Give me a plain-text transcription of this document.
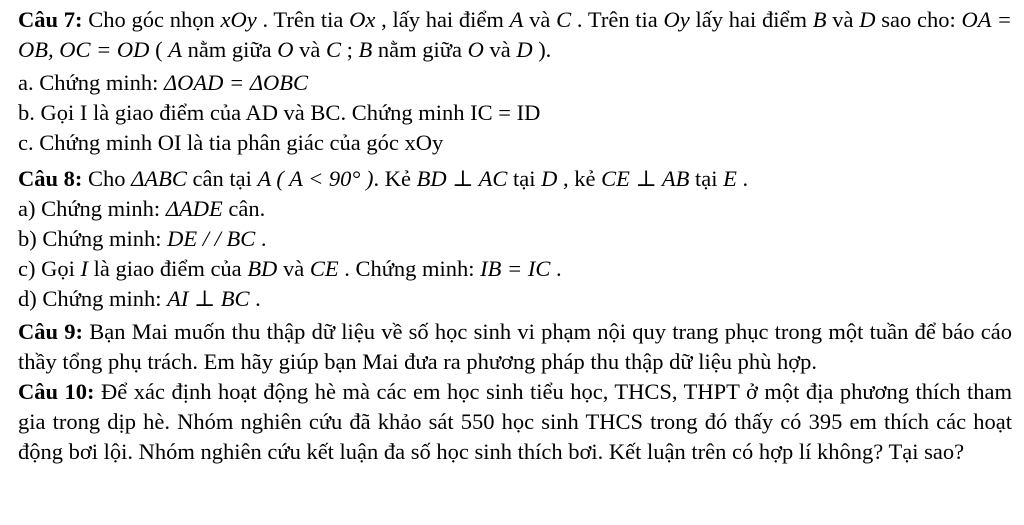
Câu 7: Cho góc nhọn xOy . Trên tia Ox , lấy hai điểm A và C . Trên tia Oy lấy hai điểm B và D sao cho: OA = OB, OC = OD ( A nằm giữa O và C ; B nằm giữa O và D ).

a. Chứng minh: ΔOAD = ΔOBC

b. Gọi I là giao điểm của AD và BC. Chứng minh IC = ID

c. Chứng minh OI là tia phân giác của góc xOy

Câu 8: Cho ΔABC cân tại A ( A < 90° ). Kẻ BD ⊥ AC tại D , kẻ CE ⊥ AB tại E .

a) Chứng minh: ΔADE cân.

b) Chứng minh: DE / / BC .

c) Gọi I là giao điểm của BD và CE . Chứng minh: IB = IC .

d) Chứng minh: AI ⊥ BC .

Câu 9: Bạn Mai muốn thu thập dữ liệu về số học sinh vi phạm nội quy trang phục trong một tuần để báo cáo thầy tổng phụ trách. Em hãy giúp bạn Mai đưa ra phương pháp thu thập dữ liệu phù hợp.

Câu 10: Để xác định hoạt động hè mà các em học sinh tiểu học, THCS, THPT ở một địa phương thích tham gia trong dịp hè. Nhóm nghiên cứu đã khảo sát 550 học sinh THCS trong đó thấy có 395 em thích các hoạt động bơi lội. Nhóm nghiên cứu kết luận đa số học sinh thích bơi. Kết luận trên có hợp lí không? Tại sao?
